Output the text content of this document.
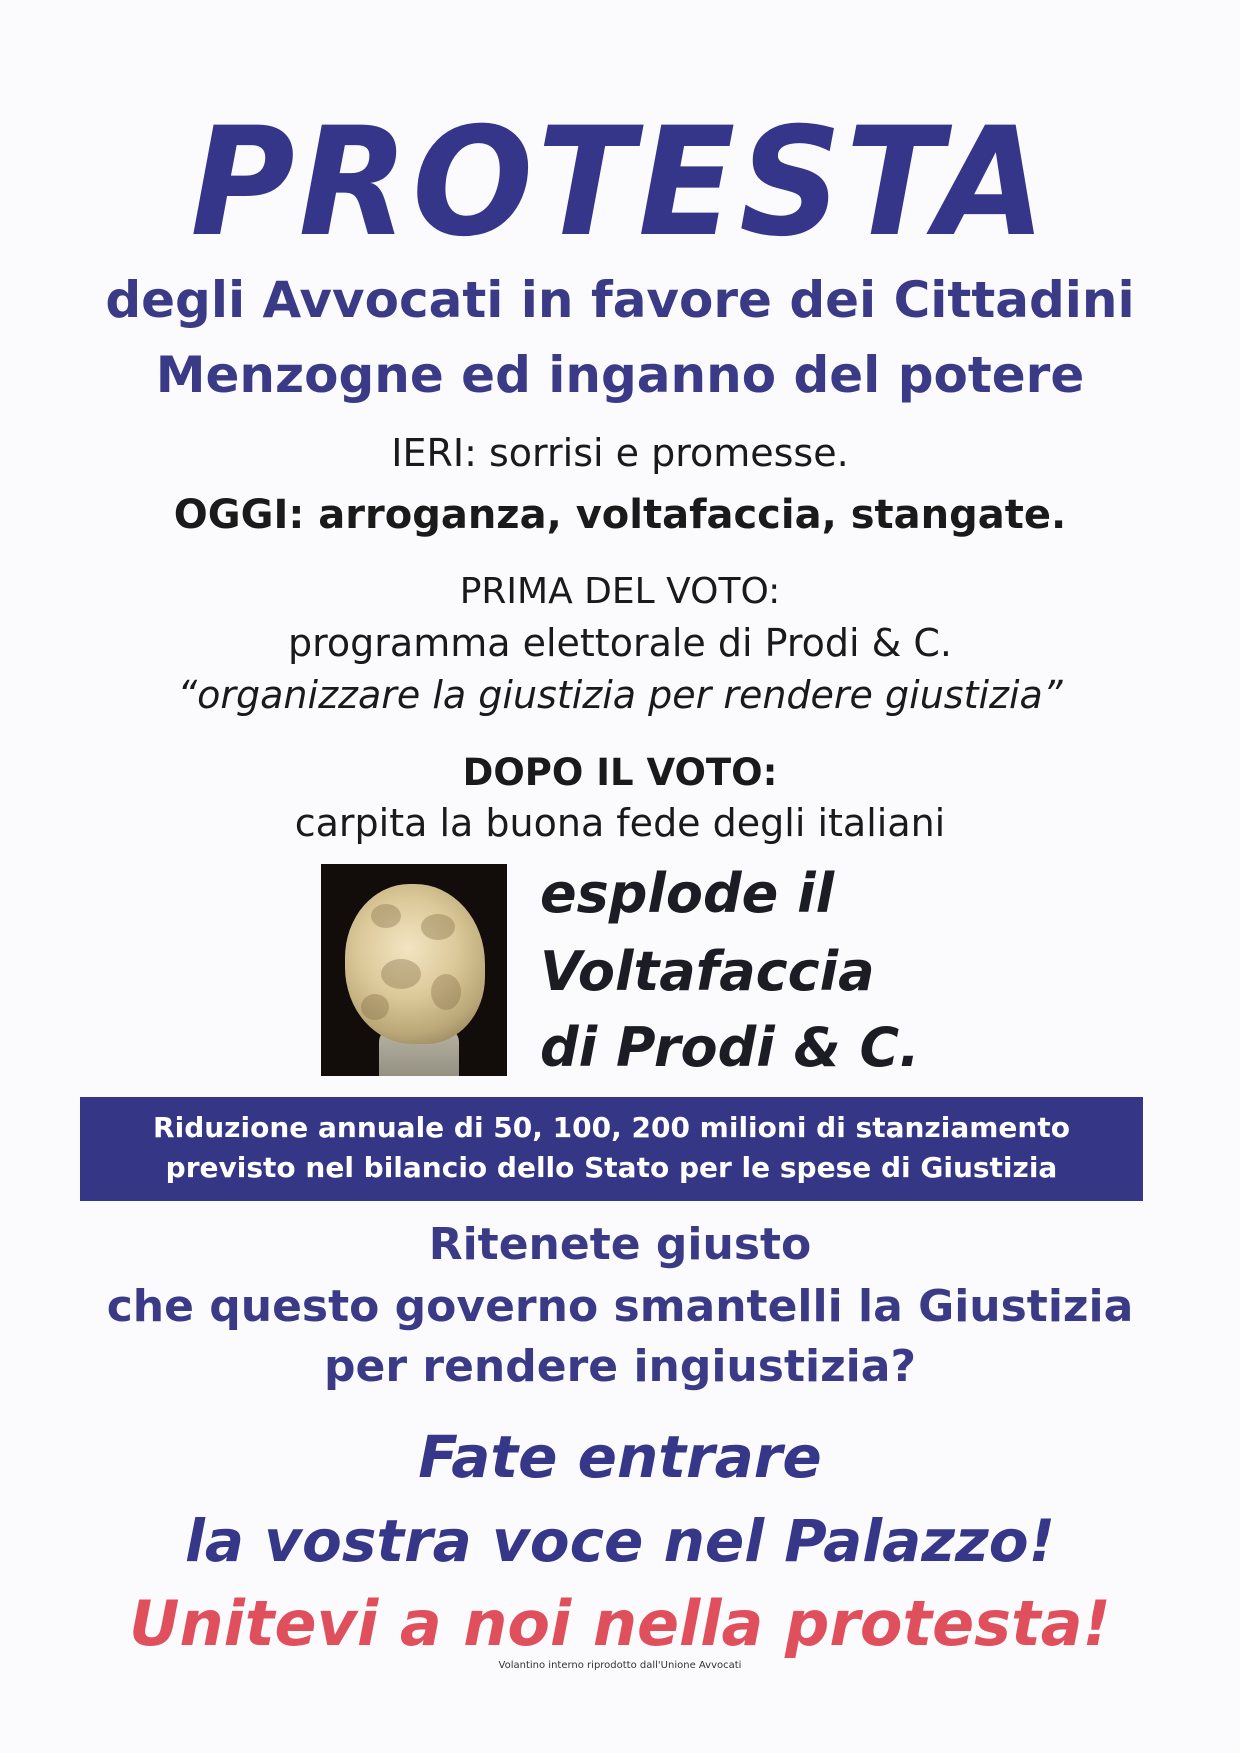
PROTESTA
degli Avvocati in favore dei Cittadini
Menzogne ed inganno del potere
IERI: sorrisi e promesse.
OGGI: arroganza, voltafaccia, stangate.
PRIMA DEL VOTO:
programma elettorale di Prodi & C.
“organizzare la giustizia per rendere giustizia”
DOPO IL VOTO:
carpita la buona fede degli italiani
esplode il
Voltafaccia
di Prodi & C.
Riduzione annuale di 50, 100, 200 milioni di stanziamento
previsto nel bilancio dello Stato per le spese di Giustizia
Ritenete giusto
che questo governo smantelli la Giustizia
per rendere ingiustizia?
Fate entrare
la vostra voce nel Palazzo!
Unitevi a noi nella protesta!
Volantino interno riprodotto dall'Unione Avvocati
